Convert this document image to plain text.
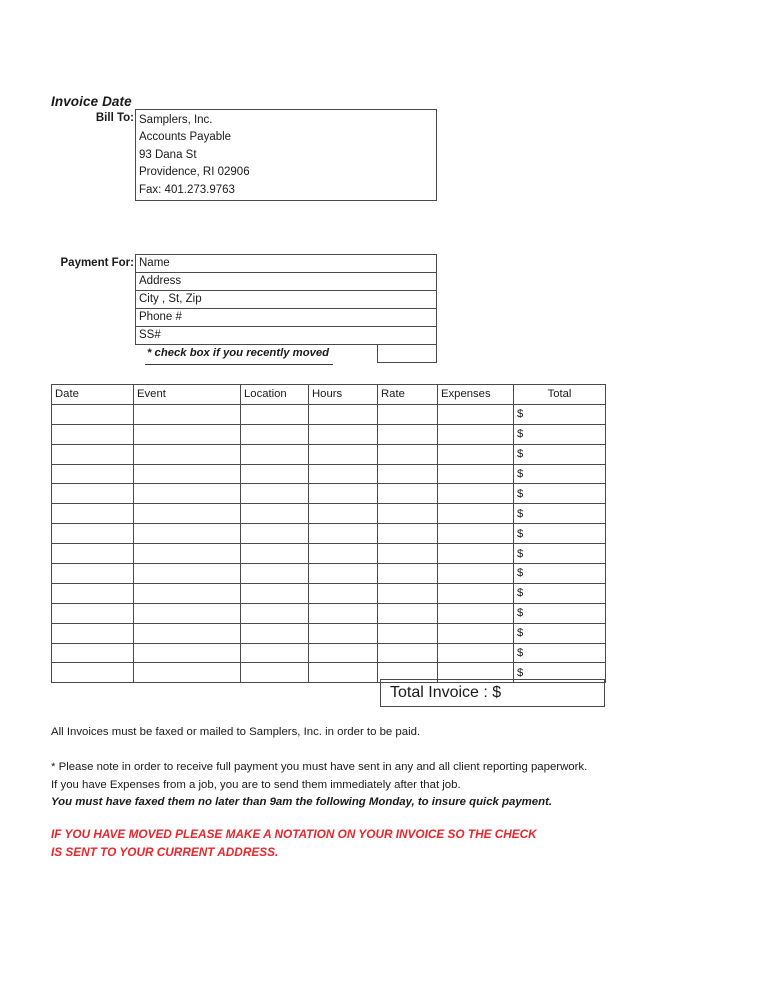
Invoice Date
Bill To: Samplers, Inc.
Accounts Payable
93 Dana St
Providence, RI 02906
Fax: 401.273.9763
Payment For: Name
Address
City , St, Zip
Phone #
SS#
* check box if you recently moved
Date	Event	Location	Hours	Rate	Expenses	Total
						$
						$
						$
						$
						$
						$
						$
						$
						$
						$
						$
						$
						$
						$
Total Invoice : $
All Invoices must be faxed or mailed to Samplers, Inc. in order to be paid.
* Please note in order to receive full payment you must have sent in any and all client reporting paperwork.
If you have Expenses from a job, you are to send them immediately after that job.
You must have faxed them no later than 9am the following Monday, to insure quick payment.
IF YOU HAVE MOVED PLEASE MAKE A NOTATION ON YOUR INVOICE SO THE CHECK
IS SENT TO YOUR CURRENT ADDRESS.
